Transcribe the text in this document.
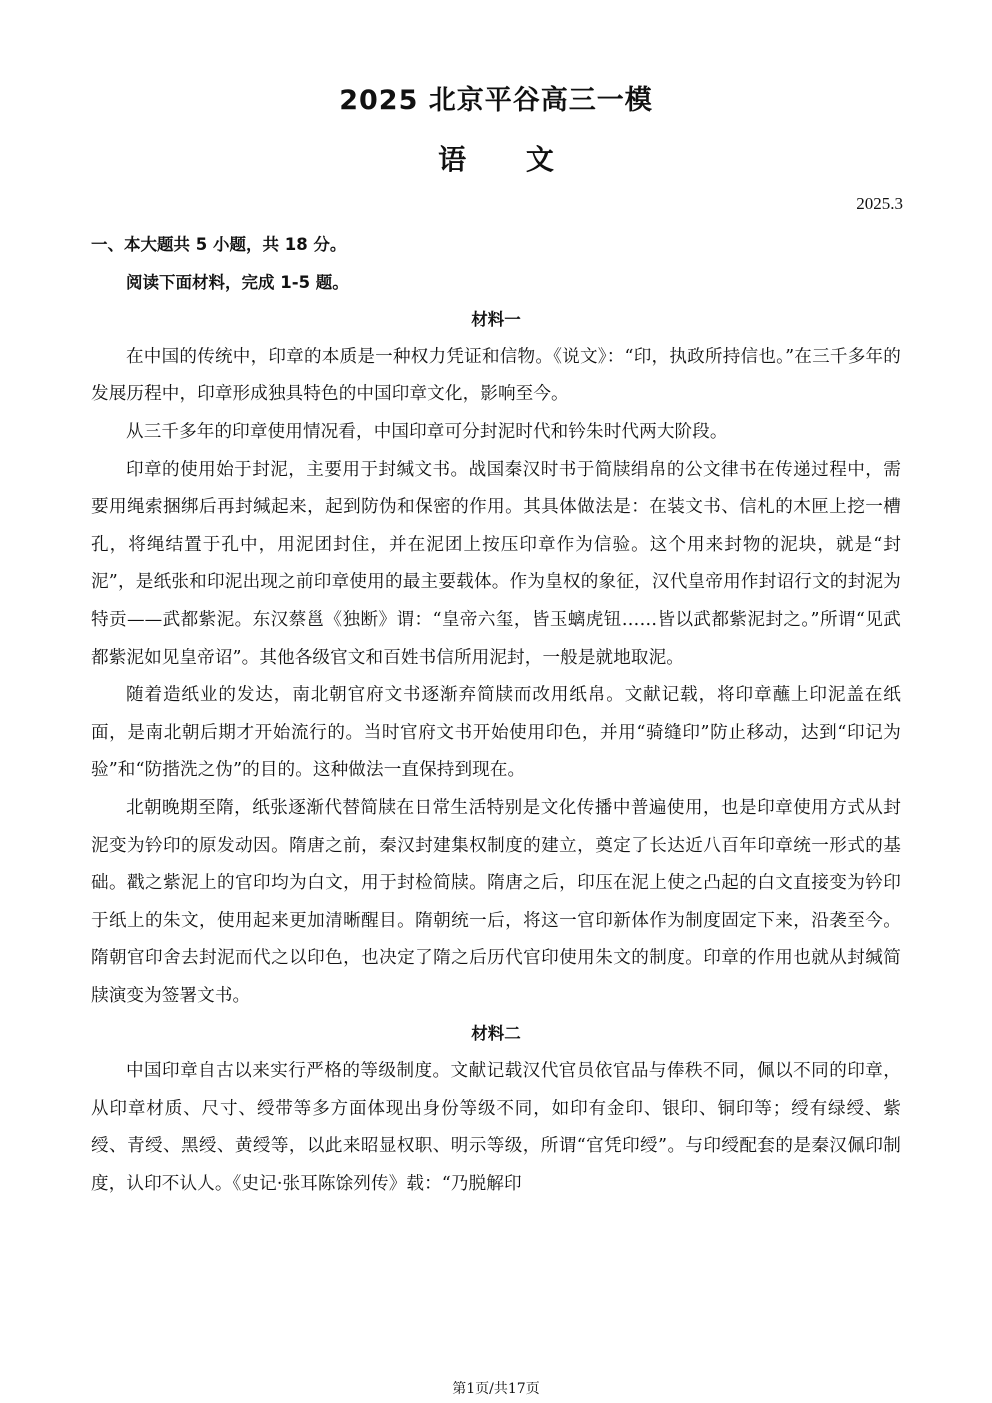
2025 北京平谷高三一模
语 文
2025.3

一、本大题共 5 小题，共 18 分。

阅读下面材料，完成 1-5 题。

材料一

在中国的传统中，印章的本质是一种权力凭证和信物。《说文》：“印，执政所持信也。”在三千多年的发展历程中，印章形成独具特色的中国印章文化，影响至今。

从三千多年的印章使用情况看，中国印章可分封泥时代和钤朱时代两大阶段。

印章的使用始于封泥，主要用于封缄文书。战国秦汉时书于简牍绢帛的公文律书在传递过程中，需要用绳索捆绑后再封缄起来，起到防伪和保密的作用。其具体做法是：在装文书、信札的木匣上挖一槽孔，将绳结置于孔中，用泥团封住，并在泥团上按压印章作为信验。这个用来封物的泥块，就是“封泥”，是纸张和印泥出现之前印章使用的最主要载体。作为皇权的象征，汉代皇帝用作封诏行文的封泥为特贡——武都紫泥。东汉蔡邕《独断》谓：“皇帝六玺，皆玉螭虎钮……皆以武都紫泥封之。”所谓“见武都紫泥如见皇帝诏”。其他各级官文和百姓书信所用泥封，一般是就地取泥。

随着造纸业的发达，南北朝官府文书逐渐弃简牍而改用纸帛。文献记载，将印章蘸上印泥盖在纸面，是南北朝后期才开始流行的。当时官府文书开始使用印色，并用“骑缝印”防止移动，达到“印记为验”和“防揩洗之伪”的目的。这种做法一直保持到现在。

北朝晚期至隋，纸张逐渐代替简牍在日常生活特别是文化传播中普遍使用，也是印章使用方式从封泥变为钤印的原发动因。隋唐之前，秦汉封建集权制度的建立，奠定了长达近八百年印章统一形式的基础。戳之紫泥上的官印均为白文，用于封检简牍。隋唐之后，印压在泥上使之凸起的白文直接变为钤印于纸上的朱文，使用起来更加清晰醒目。隋朝统一后，将这一官印新体作为制度固定下来，沿袭至今。隋朝官印舍去封泥而代之以印色，也决定了隋之后历代官印使用朱文的制度。印章的作用也就从封缄简牍演变为签署文书。

材料二

中国印章自古以来实行严格的等级制度。文献记载汉代官员依官品与俸秩不同，佩以不同的印章，从印章材质、尺寸、绶带等多方面体现出身份等级不同，如印有金印、银印、铜印等；绶有绿绶、紫绶、青绶、黑绶、黄绶等，以此来昭显权职、明示等级，所谓“官凭印绶”。与印绶配套的是秦汉佩印制度，认印不认人。《史记·张耳陈馀列传》载：“乃脱解印

第1页/共17页
